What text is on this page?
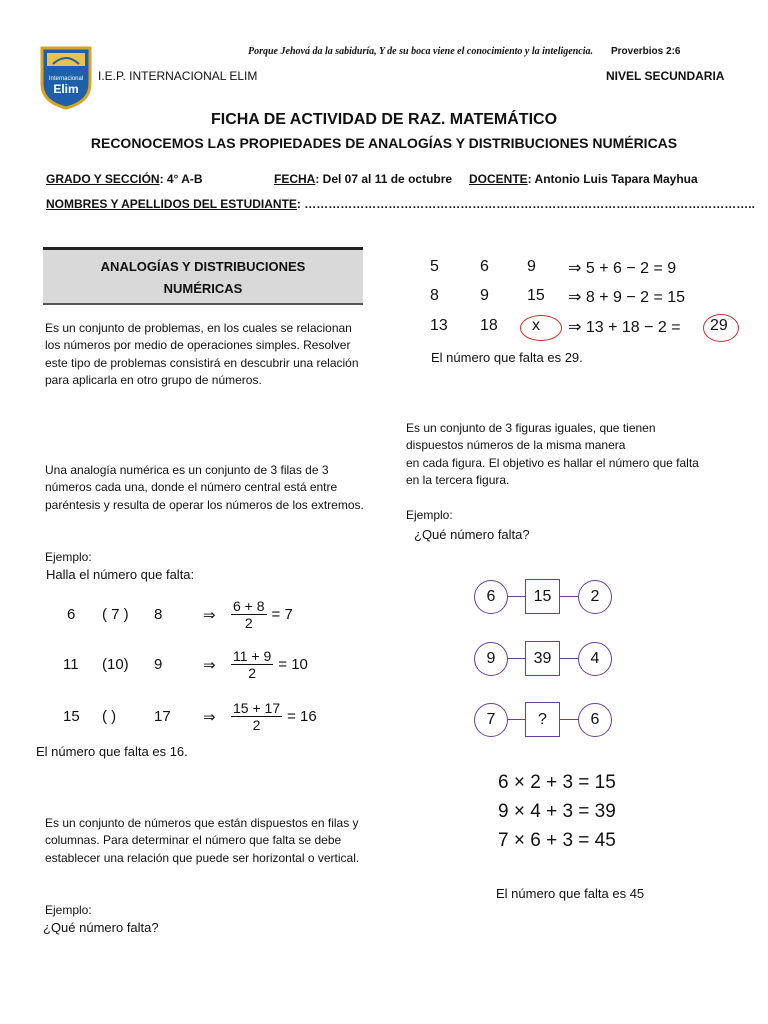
Porque Jehová da la sabiduría, Y de su boca viene el conocimiento y la inteligencia. Proverbios 2:6
Internacional
Elim
I.E.P. INTERNACIONAL ELIM	NIVEL SECUNDARIA
FICHA DE ACTIVIDAD DE RAZ. MATEMÁTICO
RECONOCEMOS LAS PROPIEDADES DE ANALOGÍAS Y DISTRIBUCIONES NUMÉRICAS
GRADO Y SECCIÓN: 4° A-B	FECHA: Del 07 al 11 de octubre DOCENTE: Antonio Luis Tapara Mayhua
NOMBRES Y APELLIDOS DEL ESTUDIANTE: …………………………………………………………………………………………………..
ANALOGÍAS Y DISTRIBUCIONES
NUMÉRICAS
Es un conjunto de problemas, en los cuales se relacionan los números por medio de operaciones simples. Resolver este tipo de problemas consistirá en descubrir una relación para aplicarla en otro grupo de números.
Una analogía numérica es un conjunto de 3 filas de 3 números cada una, donde el número central está entre paréntesis y resulta de operar los números de los extremos.
Ejemplo:
Halla el número que falta:
6 ( 7 ) 8	⇒ $\frac{6 + 8}{2} = 7$
11 (10) 9	⇒ $\frac{11 + 9}{2} = 10$
15 ( )	17 ⇒ $\frac{15 + 17}{2} = 16$
El número que falta es 16.
Es un conjunto de números que están dispuestos en filas y columnas. Para determinar el número que falta se debe establecer una relación que puede ser horizontal o vertical.
Ejemplo:
¿Qué número falta?
5	6 9 ⇒ 5 + 6 − 2 = 9
8	9 15 ⇒ 8 + 9 − 2 = 15
13 18 x ⇒ 13 + 18 − 2 = 29
El número que falta es 29.
Es un conjunto de 3 figuras iguales, que tienen
dispuestos números de la misma manera
en cada figura. El objetivo es hallar el número que falta
en la tercera figura.
Ejemplo:
¿Qué número falta?
6	15	2
9	39	4
7	?	6
6 × 2 + 3 = 15
9 × 4 + 3 = 39
7 × 6 + 3 = 45
El número que falta es 45
